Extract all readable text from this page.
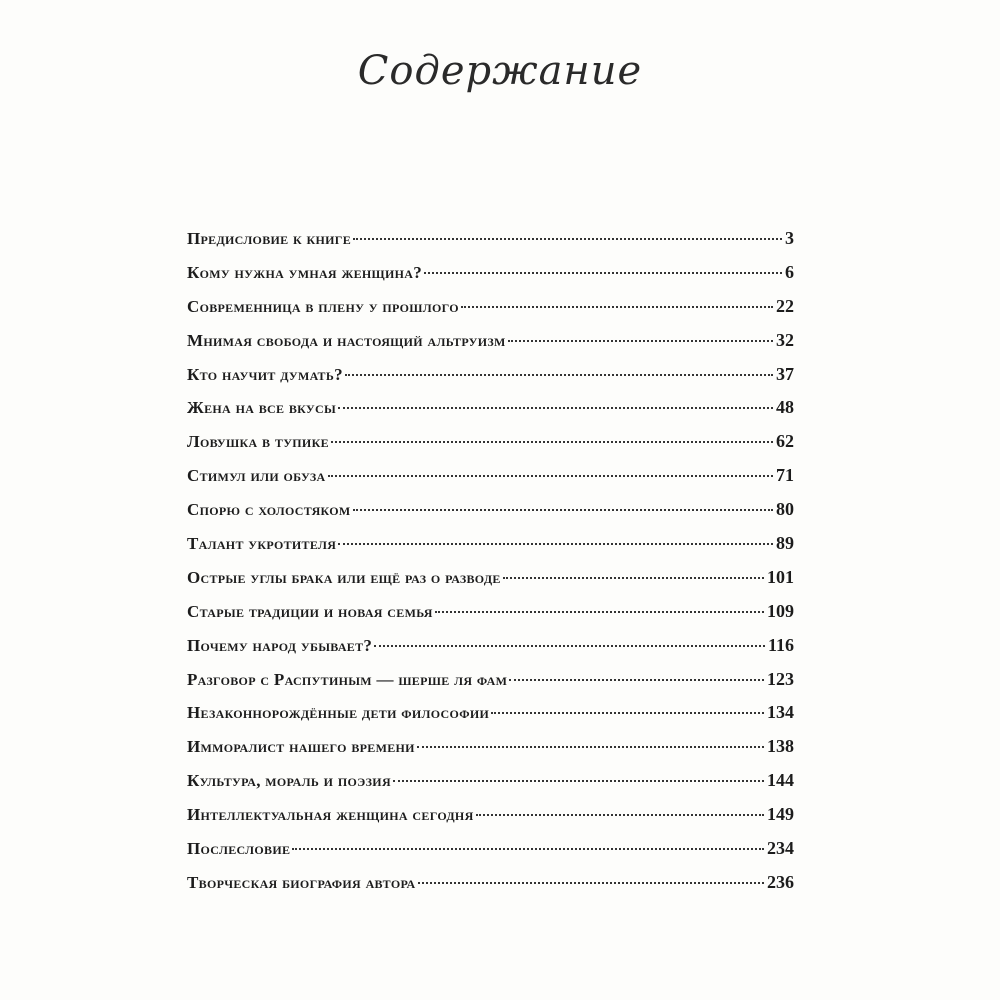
Содержание
Предисловие к книге	3
Кому нужна умная женщина?	6
Современница в плену у прошлого	22
Мнимая свобода и настоящий альтруизм	32
Кто научит думать?	37
Жена на все вкусы	48
Ловушка в тупике	62
Стимул или обуза	71
Спорю с холостяком	80
Талант укротителя	89
Острые углы брака или ещё раз о разводе	101
Старые традиции и новая семья	109
Почему народ убывает?	116
Разговор с Распутиным — шерше ля фам	123
Незаконнорождённые дети философии	134
Имморалист нашего времени	138
Культура, мораль и поэзия	144
Интеллектуальная женщина сегодня	149
Послесловие	234
Творческая биография автора	236
